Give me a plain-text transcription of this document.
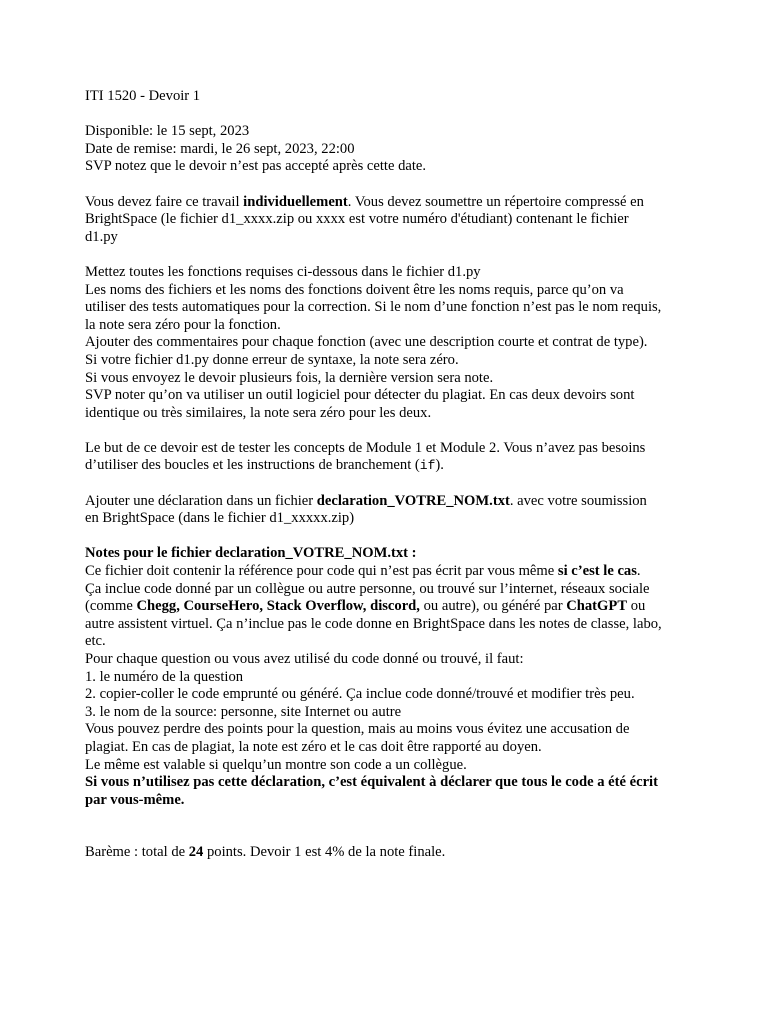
ITI 1520 - Devoir 1
Disponible: le 15 sept, 2023
Date de remise: mardi, le 26 sept, 2023, 22:00
SVP notez que le devoir n’est pas accepté après cette date.
Vous devez faire ce travail individuellement. Vous devez soumettre un répertoire compressé en
BrightSpace (le fichier d1_xxxx.zip ou xxxx est votre numéro d'étudiant) contenant le fichier
d1.py
Mettez toutes les fonctions requises ci-dessous dans le fichier d1.py
Les noms des fichiers et les noms des fonctions doivent être les noms requis, parce qu’on va
utiliser des tests automatiques pour la correction. Si le nom d’une fonction n’est pas le nom requis,
la note sera zéro pour la fonction.
Ajouter des commentaires pour chaque fonction (avec une description courte et contrat de type).
Si votre fichier d1.py donne erreur de syntaxe, la note sera zéro.
Si vous envoyez le devoir plusieurs fois, la dernière version sera note.
SVP noter qu’on va utiliser un outil logiciel pour détecter du plagiat. En cas deux devoirs sont
identique ou très similaires, la note sera zéro pour les deux.
Le but de ce devoir est de tester les concepts de Module 1 et Module 2. Vous n’avez pas besoins
d’utiliser des boucles et les instructions de branchement (if).
Ajouter une déclaration dans un fichier declaration_VOTRE_NOM.txt. avec votre soumission
en BrightSpace (dans le fichier d1_xxxxx.zip)
Notes pour le fichier declaration_VOTRE_NOM.txt :
Ce fichier doit contenir la référence pour code qui n’est pas écrit par vous même si c’est le cas.
Ça inclue code donné par un collègue ou autre personne, ou trouvé sur l’internet, réseaux sociale
(comme Chegg, CourseHero, Stack Overflow, discord, ou autre), ou généré par ChatGPT ou
autre assistent virtuel. Ça n’inclue pas le code donne en BrightSpace dans les notes de classe, labo,
etc.
Pour chaque question ou vous avez utilisé du code donné ou trouvé, il faut:
1. le numéro de la question
2. copier-coller le code emprunté ou généré. Ça inclue code donné/trouvé et modifier très peu.
3. le nom de la source: personne, site Internet ou autre
Vous pouvez perdre des points pour la question, mais au moins vous évitez une accusation de
plagiat. En cas de plagiat, la note est zéro et le cas doit être rapporté au doyen.
Le même est valable si quelqu’un montre son code a un collègue.
Si vous n’utilisez pas cette déclaration, c’est équivalent à déclarer que tous le code a été écrit
par vous-même.
Barème : total de 24 points. Devoir 1 est 4% de la note finale.
